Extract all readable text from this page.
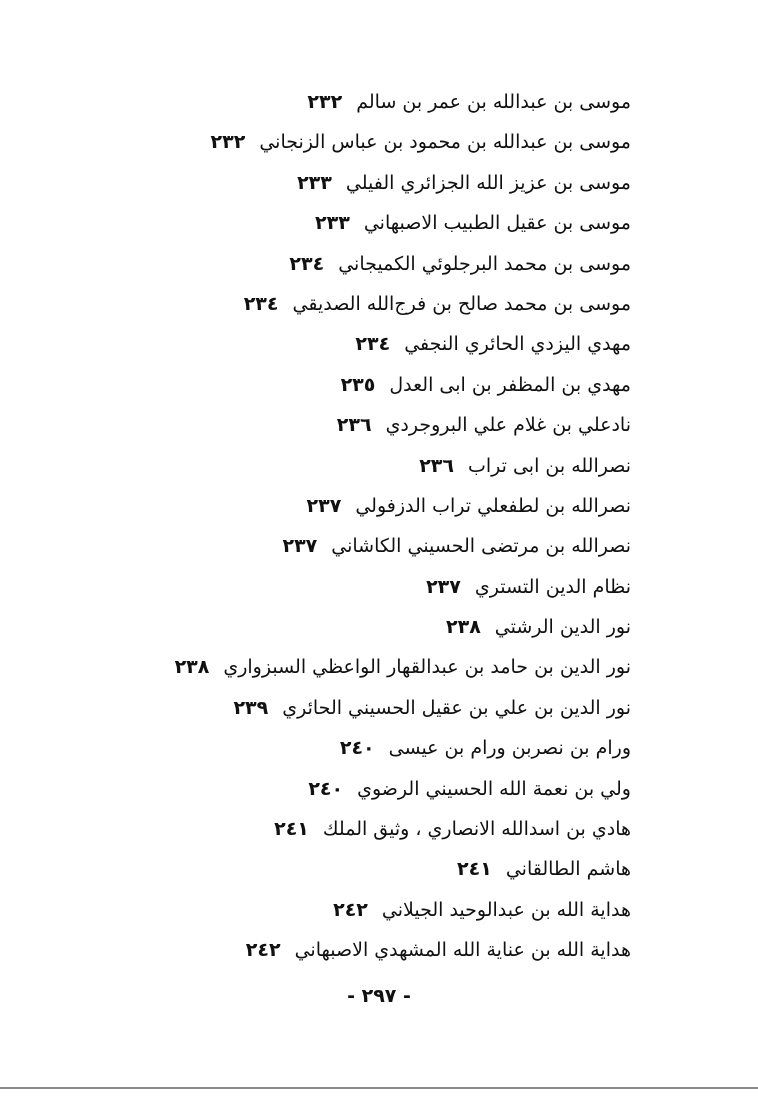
موسى بن عبدالله بن عمر بن سالم٢٣٢
موسى بن عبدالله بن محمود بن عباس الزنجاني٢٣٢
موسى بن عزيز الله الجزائري الفيلي٢٣٣
موسى بن عقيل الطبيب الاصبهاني٢٣٣
موسى بن محمد البرجلوئي الكميجاني٢٣٤
موسى بن محمد صالح بن فرج‌الله الصديقي٢٣٤
مهدي اليزدي الحائري النجفي٢٣٤
مهدي بن المظفر بن ابى العدل٢٣٥
نادعلي بن غلام علي البروجردي٢٣٦
نصرالله بن ابى تراب٢٣٦
نصرالله بن لطفعلي تراب الدزفولي٢٣٧
نصرالله بن مرتضى الحسيني الكاشاني٢٣٧
نظام الدين التستري٢٣٧
نور الدين الرشتي٢٣٨
نور الدين بن حامد بن عبدالقهار الواعظي السبزواري٢٣٨
نور الدين بن علي بن عقيل الحسيني الحائري٢٣٩
ورام بن نصربن ورام بن عيسى٢٤٠
ولي بن نعمة الله الحسيني الرضوي٢٤٠
هادي بن اسدالله الانصاري ، وثيق الملك٢٤١
هاشم الطالقاني٢٤١
هداية الله بن عبدالوحيد الجيلاني٢٤٢
هداية الله بن عناية الله المشهدي الاصبهاني٢٤٢
- ٢٩٧ -
